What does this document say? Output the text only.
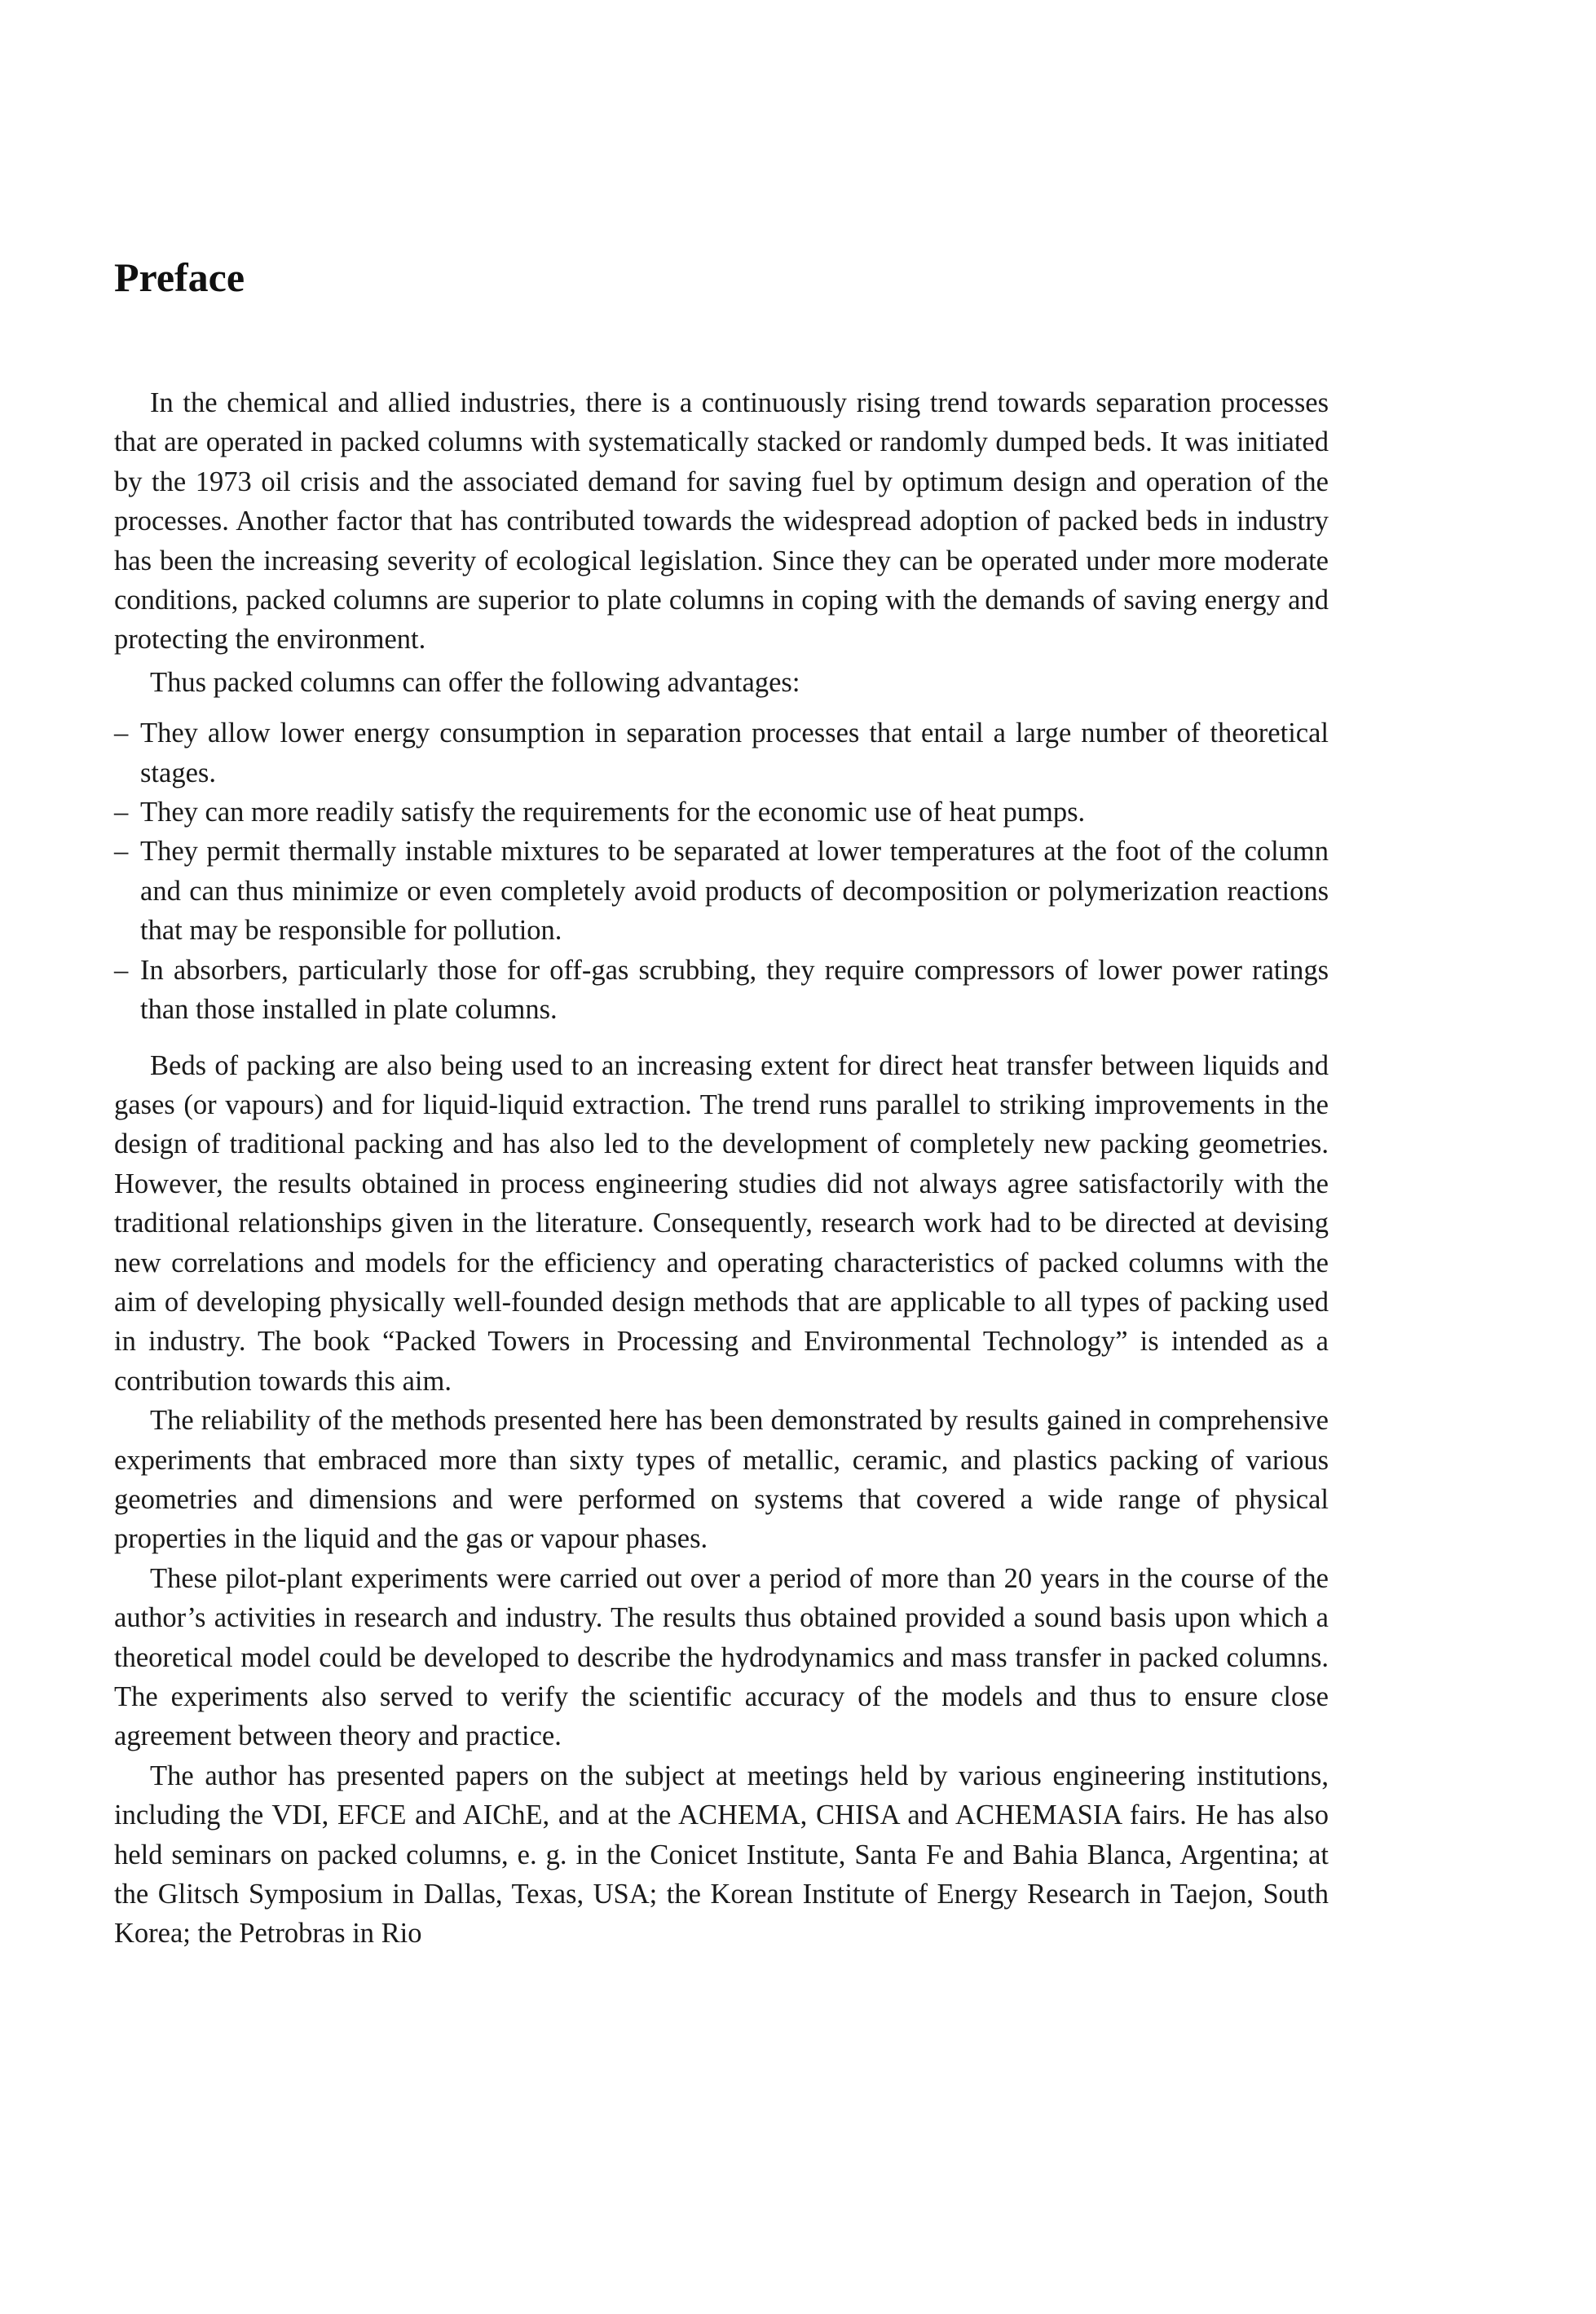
Preface

In the chemical and allied industries, there is a continuously rising trend towards separation processes that are operated in packed columns with systematically stacked or randomly dumped beds. It was initiated by the 1973 oil crisis and the associated demand for saving fuel by optimum design and operation of the processes. Another factor that has contributed towards the widespread adoption of packed beds in industry has been the increasing severity of ecological legislation. Since they can be operated under more moderate conditions, packed columns are superior to plate columns in coping with the demands of saving energy and protecting the environment.

Thus packed columns can offer the following advantages:

– They allow lower energy consumption in separation processes that entail a large number of theoretical stages.
– They can more readily satisfy the requirements for the economic use of heat pumps.
– They permit thermally instable mixtures to be separated at lower temperatures at the foot of the column and can thus minimize or even completely avoid products of decomposition or polymerization reactions that may be responsible for pollution.
– In absorbers, particularly those for off-gas scrubbing, they require compressors of lower power ratings than those installed in plate columns.

Beds of packing are also being used to an increasing extent for direct heat transfer between liquids and gases (or vapours) and for liquid-liquid extraction. The trend runs parallel to striking improvements in the design of traditional packing and has also led to the development of completely new packing geometries. However, the results obtained in process engineering studies did not always agree satisfactorily with the traditional relationships given in the literature. Consequently, research work had to be directed at devising new correlations and models for the efficiency and operating characteristics of packed columns with the aim of developing physically well-founded design methods that are applicable to all types of packing used in industry. The book “Packed Towers in Processing and Environmental Technology” is intended as a contribution towards this aim.

The reliability of the methods presented here has been demonstrated by results gained in comprehensive experiments that embraced more than sixty types of metallic, ceramic, and plastics packing of various geometries and dimensions and were performed on systems that covered a wide range of physical properties in the liquid and the gas or vapour phases.

These pilot-plant experiments were carried out over a period of more than 20 years in the course of the author’s activities in research and industry. The results thus obtained provided a sound basis upon which a theoretical model could be developed to describe the hydrodynamics and mass transfer in packed columns. The experiments also served to verify the scientific accuracy of the models and thus to ensure close agreement between theory and practice.

The author has presented papers on the subject at meetings held by various engineering institutions, including the VDI, EFCE and AIChE, and at the ACHEMA, CHISA and ACHEMASIA fairs. He has also held seminars on packed columns, e. g. in the Conicet Institute, Santa Fe and Bahia Blanca, Argentina; at the Glitsch Symposium in Dallas, Texas, USA; the Korean Institute of Energy Research in Taejon, South Korea; the Petrobras in Rio
